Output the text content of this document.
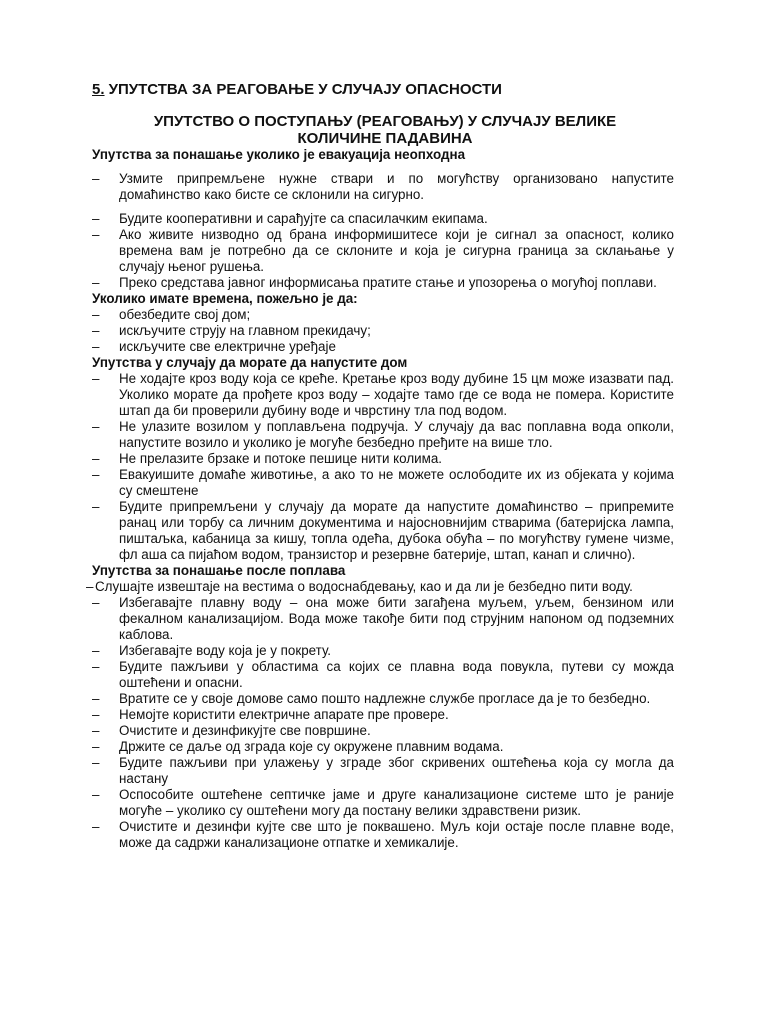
5. УПУТСТВА ЗА РЕАГОВАЊЕ У СЛУЧАЈУ ОПАСНОСТИ
УПУТСТВО О ПОСТУПАЊУ (РЕАГОВАЊУ) У СЛУЧАЈУ ВЕЛИКЕ
КОЛИЧИНЕ ПАДАВИНА

Упутства за понашање уколико је евакуација неопходна

– Узмите припремљене нужне ствари и по могућству организовано напустите домаћинство како бисте се склонили на сигурно.
– Будите кооперативни и сарађујте са спасилачким екипама.
– Ако живите низводно од брана информишитесе који је сигнал за опасност, колико времена вам је потребно да се склоните и која је сигурна граница за склањање у случају њеног рушења.
– Преко средстава јавног информисања пратите стање и упозорења о могућој поплави.

Уколико имате времена, пожељно је да:

– обезбедите свој дом;
– искључите струју на главном прекидачу;
– искључите све електричне уређаје

Упутства у случају да морате да напустите дом

– Не ходајте кроз воду која се креће. Кретање кроз воду дубине 15 цм може изазвати пад. Уколико морате да прођете кроз воду – ходајте тамо где се вода не помера. Користите штап да би проверили дубину воде и чврстину тла под водом.
– Не улазите возилом у поплављена подручја. У случају да вас поплавна вода опколи, напустите возило и уколико је могуће безбедно пређите на више тло.
– Не прелазите брзаке и потоке пешице нити колима.
– Евакуишите домаће животиње, а ако то не можете ослободите их из објеката у којима су смештене
– Будите припремљени у случају да морате да напустите домаћинство – припремите ранац или торбу са личним документима и најосновнијим стварима (батеријска лампа, пиштаљка, кабаница за кишу, топла одећа, дубока обућа – по могућству гумене чизме, фл аша са пијаћом водом, транзистор и резервне батерије, штап, канап и слично).

Упутства за понашање после поплава

– Слушајте извештаје на вестима о водоснабдевању, као и да ли је безбедно пити воду.
– Избегавајте плавну воду – она може бити загађена муљем, уљем, бензином или фекалном канализацијом. Вода може такође бити под струјним напоном од подземних каблова.
– Избегавајте воду која је у покрету.
– Будите пажљиви у областима са којих се плавна вода повукла, путеви су можда оштећени и опасни.
– Вратите се у своје домове само пошто надлежне службе прогласе да је то безбедно.
– Немојте користити електричне апарате пре провере.
– Очистите и дезинфикујте све површине.
– Држите се даље од зграда које су окружене плавним водама.
– Будите пажљиви при улажењу у зграде због скривених оштећења која су могла да настану
– Оспособите оштећене септичке јаме и друге канализационе системе што је раније могуће – уколико су оштећени могу да постану велики здравствени ризик.
– Очистите и дезинфи кујте све што је поквашено. Муљ који остаје после плавне воде, може да садржи канализационе отпатке и хемикалије.
